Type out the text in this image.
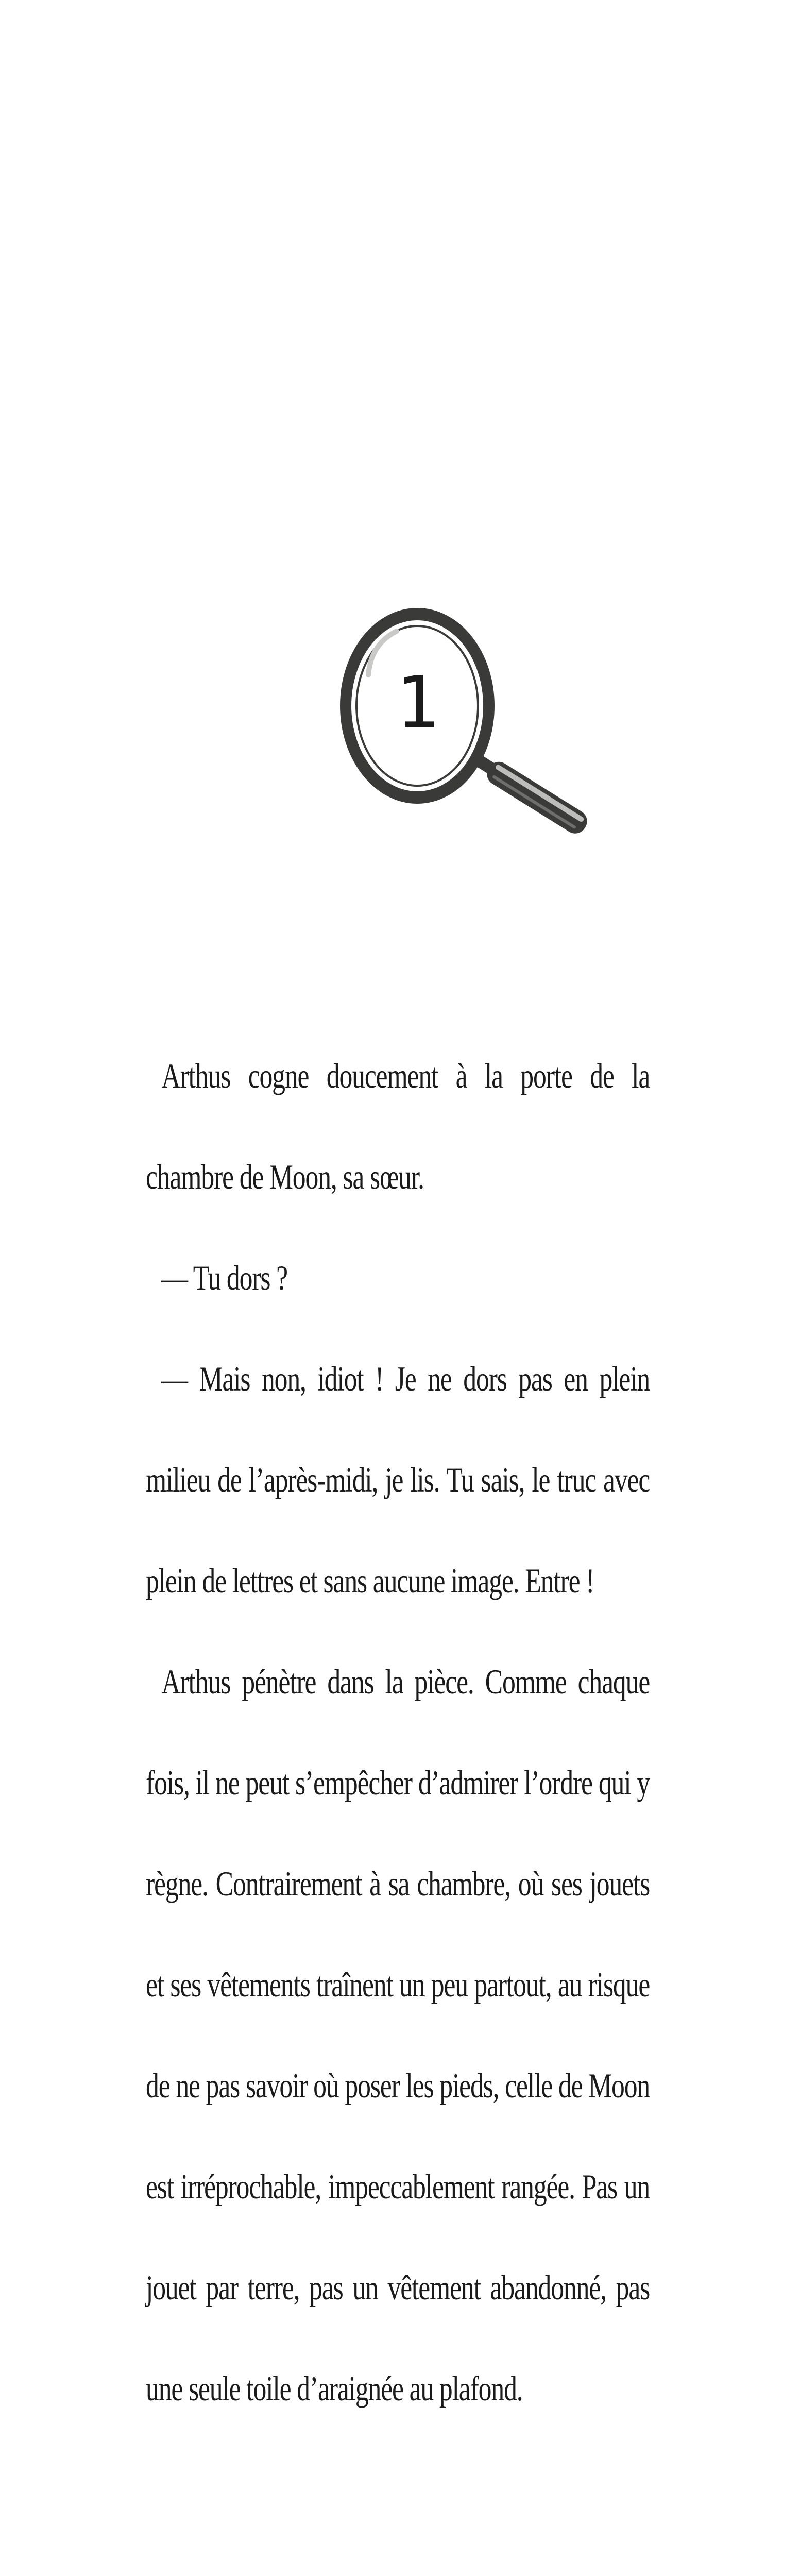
1

Arthus cogne doucement à la porte de la chambre de Moon, sa sœur.

— Tu dors ?

— Mais non, idiot ! Je ne dors pas en plein milieu de l’après-midi, je lis. Tu sais, le truc avec plein de lettres et sans aucune image. Entre !

Arthus pénètre dans la pièce. Comme chaque fois, il ne peut s’empêcher d’admirer l’ordre qui y règne. Contrairement à sa chambre, où ses jouets et ses vêtements traînent un peu partout, au risque de ne pas savoir où poser les pieds, celle de Moon est irréprochable, impeccablement rangée. Pas un jouet par terre, pas un vêtement abandonné, pas une seule toile d’araignée au plafond.
